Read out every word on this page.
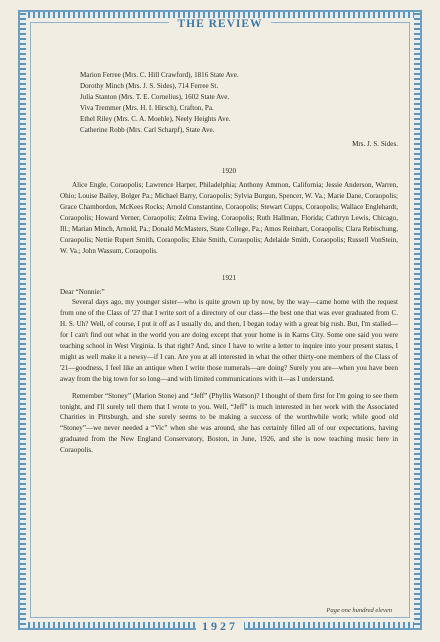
THE REVIEW
Marion Ferree (Mrs. C. Hill Crawford), 1816 State Ave.
Dorothy Minch (Mrs. J. S. Sides), 714 Ferree St.
Julia Stanton (Mrs. T. E. Cornelius), 1602 State Ave.
Viva Tremmer (Mrs. H. I. Hirsch), Crafton, Pa.
Ethel Riley (Mrs. C. A. Moehle), Neely Heights Ave.
Catherine Robb (Mrs. Carl Scharpf), State Ave.

Mrs. J. S. Sides.

1920

Alice Engle, Coraopolis; Lawrence Harper, Philadelphia; Anthony Ammon, California; Jessie Anderson, Warren, Ohio; Louise Bailey, Bolger Pa.; Michael Barry, Coraopolis; Sylvia Burgun, Spencer, W. Va.; Marie Dane, Coraopolis; Grace Chambordon, McKees Rocks; Arnold Constantine, Coraopolis; Stewart Cupps, Coraopolis; Wallace Englehardt, Coraopolis; Howard Verner, Coraopolis; Zelma Ewing, Coraopolis; Ruth Hallman, Florida; Cathryn Lewis, Chicago, Ill.; Marian Minch, Arnold, Pa.; Donald McMasters, State College, Pa.; Amos Reinhart, Coraopolis; Clara Rebischung, Coraopolis; Nettie Rupert Smith, Coraopolis; Elsie Smith, Coraopolis; Adelaide Smith, Coraopolis; Russell VonStein, W. Va.; John Wassum, Coraopolis.

1921

Dear “Nonnie:”

Several days ago, my younger sister—who is quite grown up by now, by the way—came home with the request from one of the Class of '27 that I write sort of a directory of our class—the best one that was ever graduated from C. H. S. Uh? Well, of course, I put it off as I usually do, and then, I began today with a great big rush. But, I'm stalled—for I can't find out what in the world you are doing except that your home is in Karns City. Some one said you were teaching school in West Virginia. Is that right? And, since I have to write a letter to inquire into your present status, I might as well make it a newsy—if I can. Are you at all interested in what the other thirty-one members of the Class of '21—goodness, I feel like an antique when I write those numerals—are doing? Surely you are—when you have been away from the big town for so long—and with limited communications with it—as I understand.

Remember “Stoney” (Marion Stone) and “Jeff” (Phyllis Watson)? I thought of them first for I'm going to see them tonight, and I'll surely tell them that I wrote to you. Well, “Jeff” is much interested in her work with the Associated Charities in Pittsburgh, and she surely seems to be making a success of the worthwhile work; while good old “Stoney”—we never needed a “Vic” when she was around, she has certainly filled all of our expectations, having graduated from the New England Conservatory, Boston, in June, 1926, and she is now teaching music here in Coraopolis.

Page one hundred eleven
1927
